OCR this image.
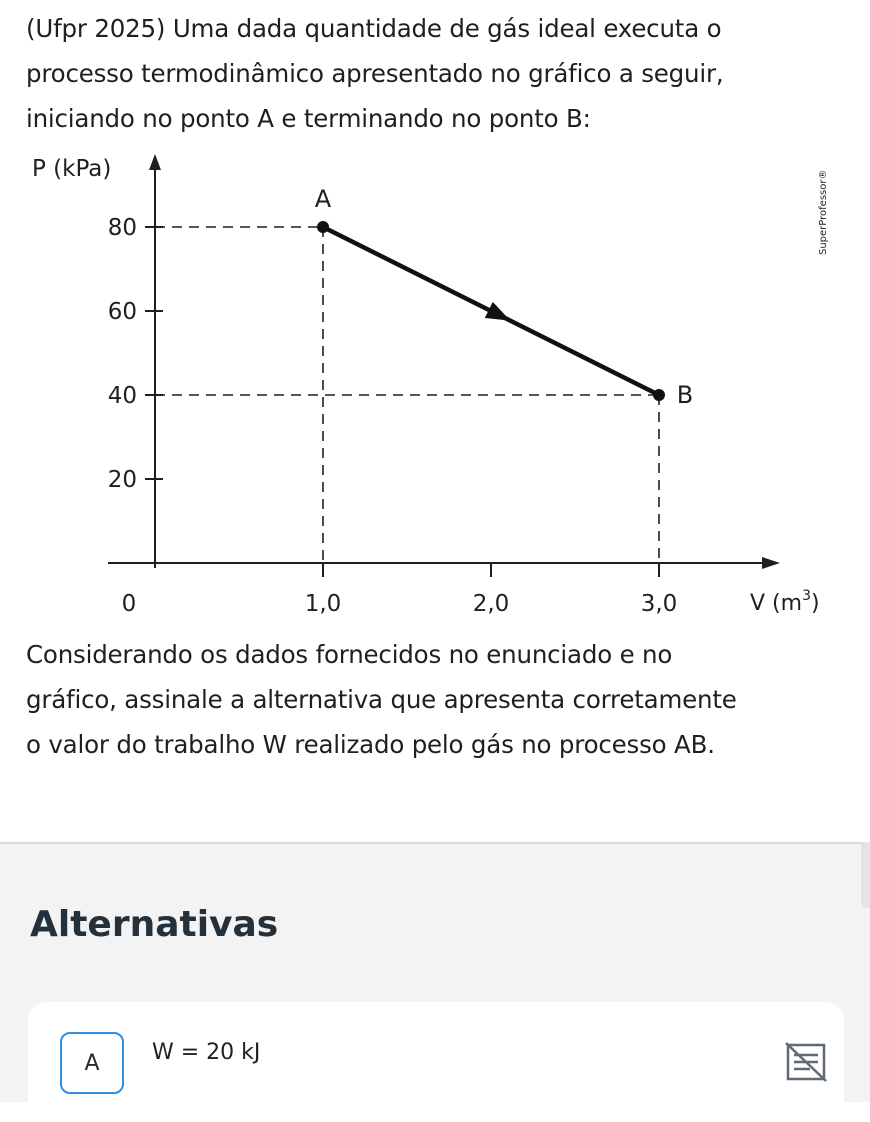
(Ufpr 2025) Uma dada quantidade de gás ideal executa o
processo termodinâmico apresentado no gráfico a seguir,
iniciando no ponto A e terminando no ponto B:

P (kPa)
V $(m^3)$
20
40
60
80
0	1,0	2,0	3,0
A
B
SuperProfessor®

Considerando os dados fornecidos no enunciado e no
gráfico, assinale a alternativa que apresenta corretamente
o valor do trabalho W realizado pelo gás no processo AB.

Alternativas
A	W = 20 kJ
